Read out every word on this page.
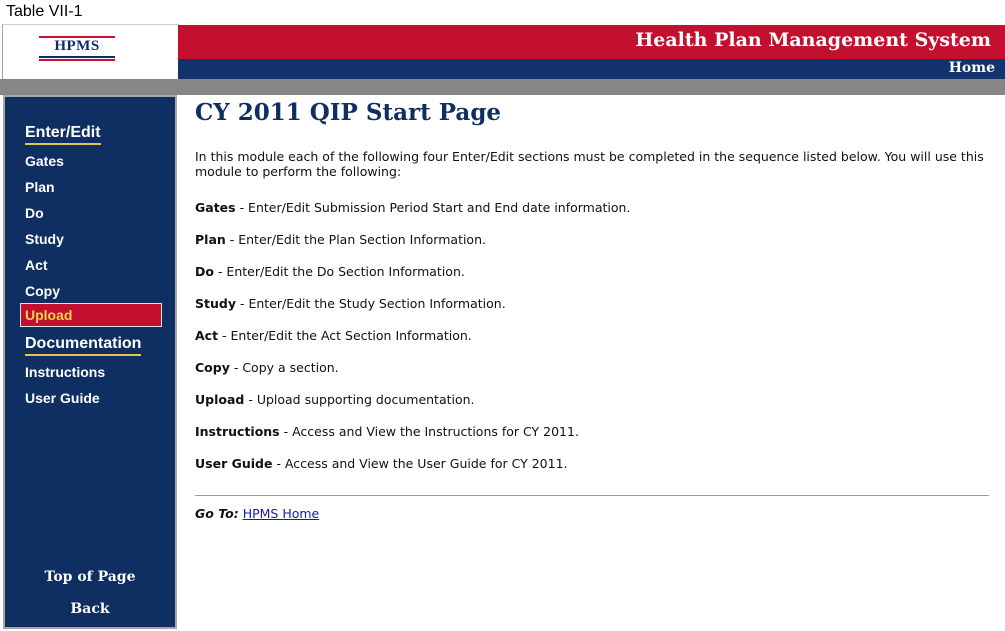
Table VII-1
HPMS	Health Plan Management System
Home
Enter/Edit
Gates
Plan
Do
Study
Act
Copy
Upload
Documentation
Instructions
User Guide
Top of Page
Back
CY 2011 QIP Start Page

In this module each of the following four Enter/Edit sections must be completed in the sequence listed below. You will use this module to perform the following:

Gates - Enter/Edit Submission Period Start and End date information.
Plan - Enter/Edit the Plan Section Information.
Do - Enter/Edit the Do Section Information.
Study - Enter/Edit the Study Section Information.
Act - Enter/Edit the Act Section Information.
Copy - Copy a section.
Upload - Upload supporting documentation.
Instructions - Access and View the Instructions for CY 2011.
User Guide - Access and View the User Guide for CY 2011.
Go To: HPMS Home
